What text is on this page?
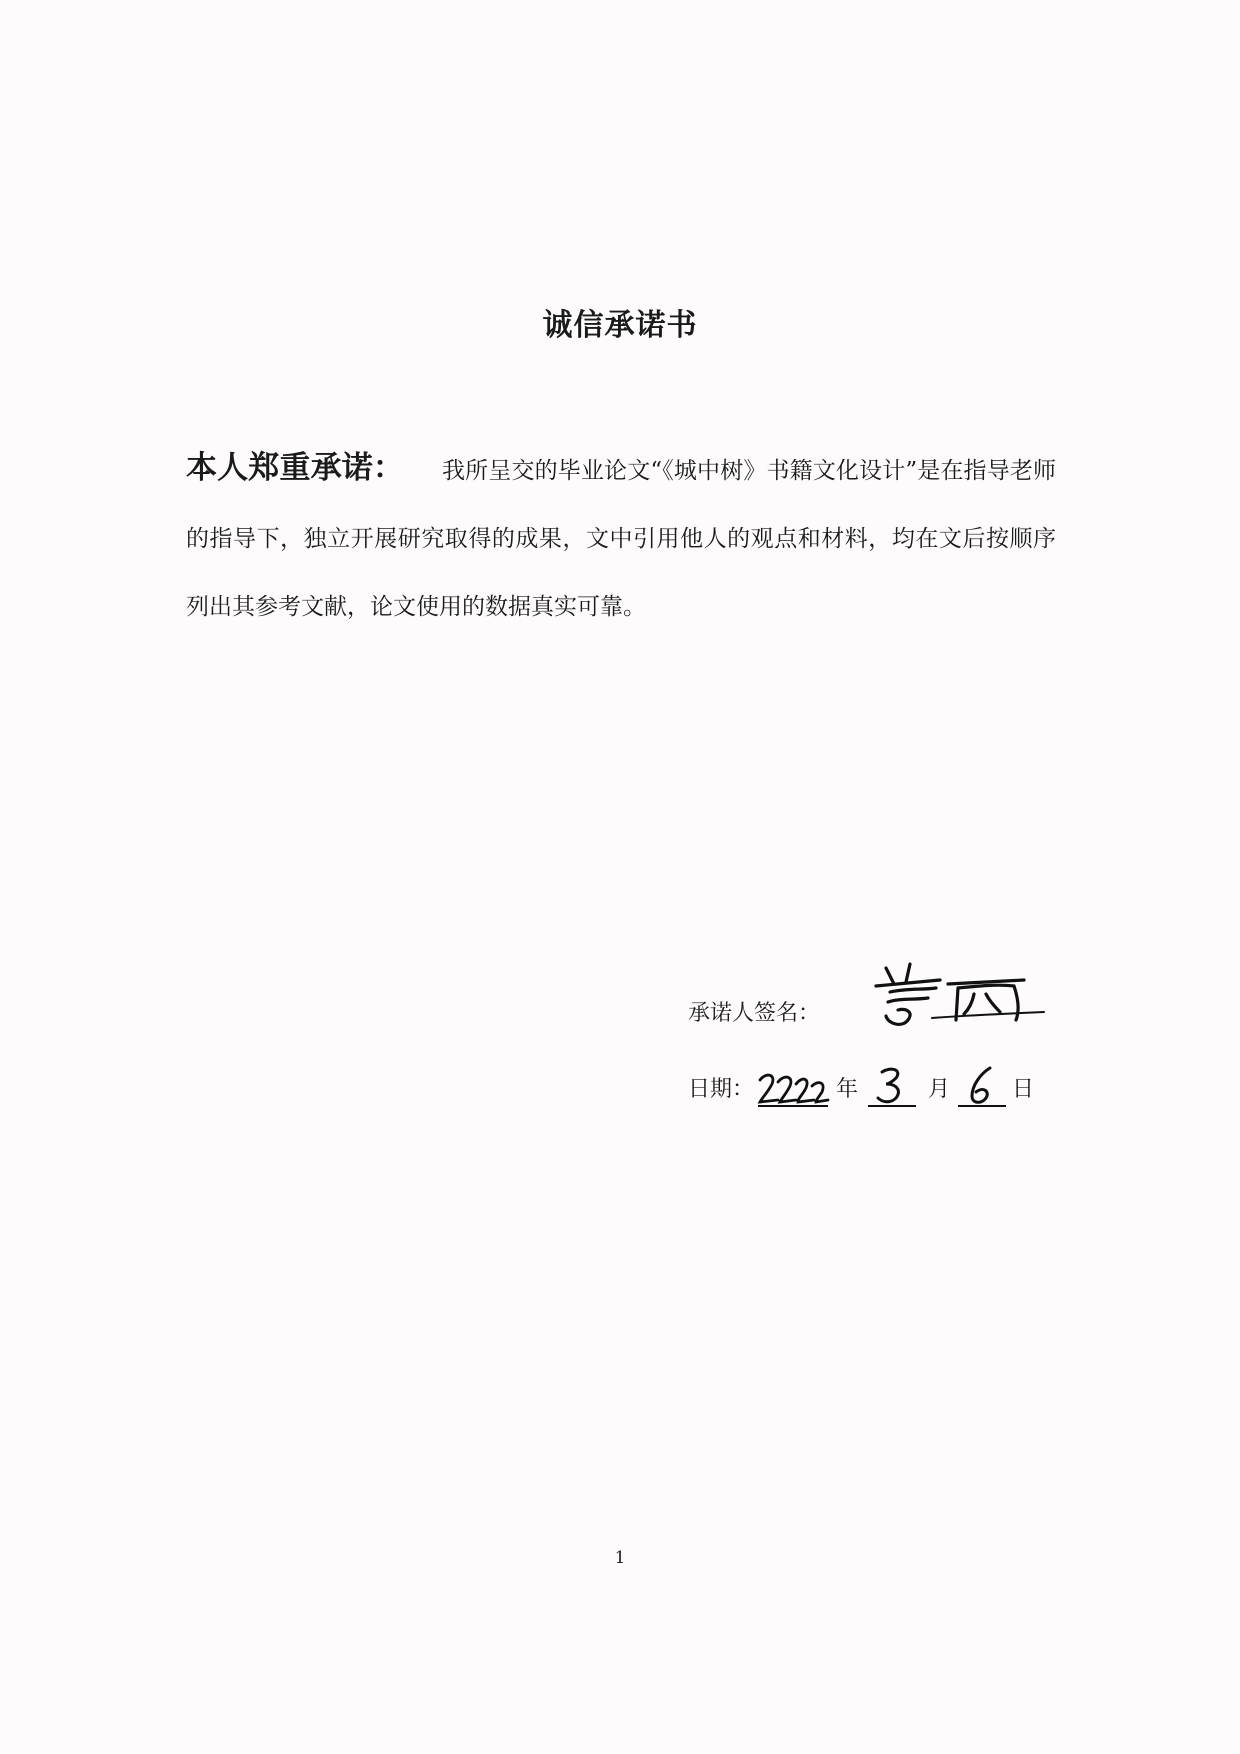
诚信承诺书
本人郑重承诺： 我所呈交的毕业论文“《城中树》书籍文化设计”是在指导老师的指导下，独立开展研究取得的成果，文中引用他人的观点和材料，均在文后按顺序列出其参考文献，论文使用的数据真实可靠。
承诺人签名：
日期：	年	月	日
1
